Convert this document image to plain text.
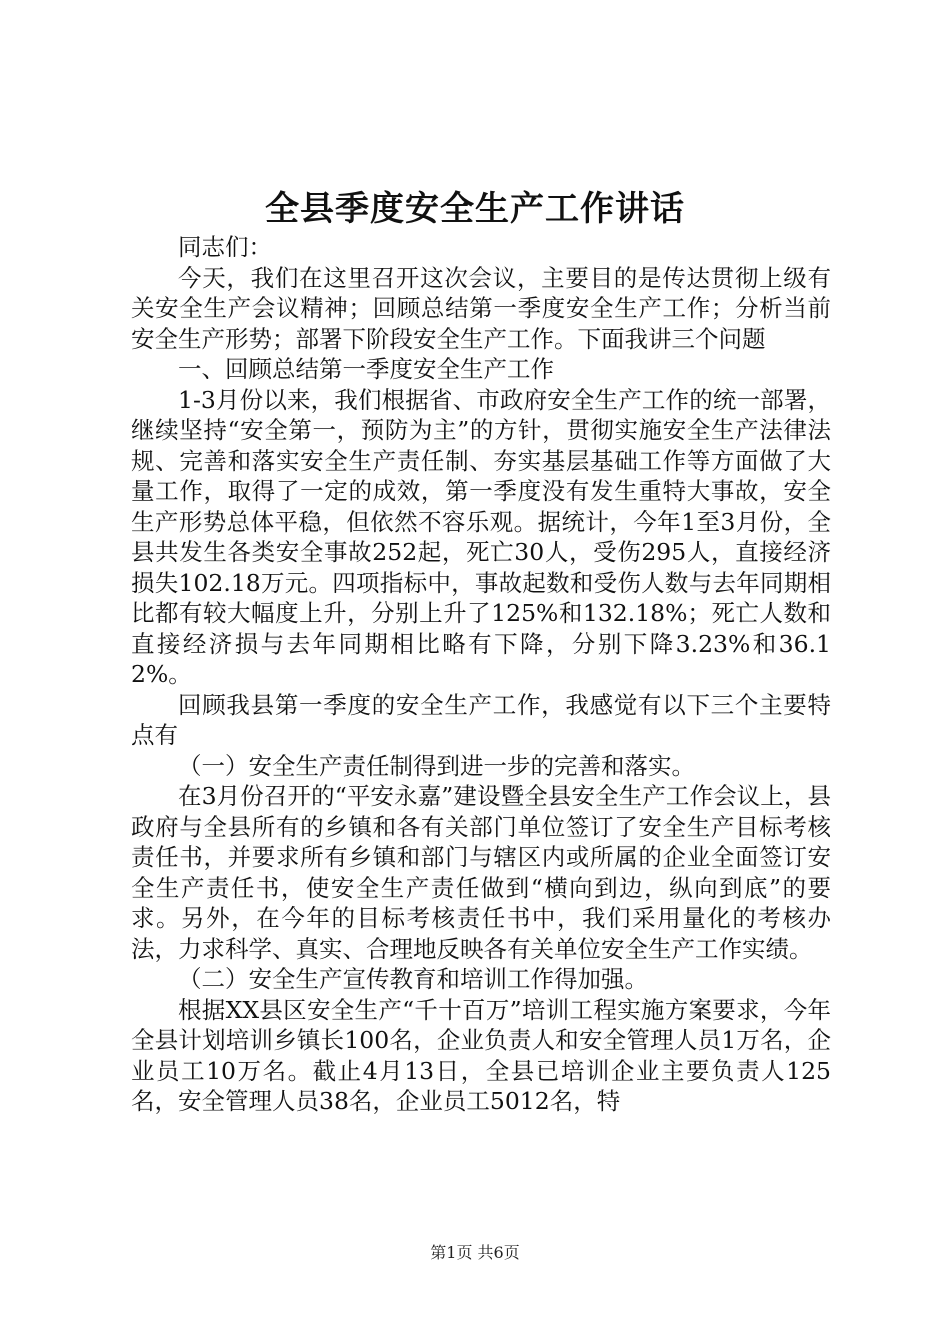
全县季度安全生产工作讲话

同志们：

今天，我们在这里召开这次会议，主要目的是传达贯彻上级有关安全生产会议精神；回顾总结第一季度安全生产工作；分析当前安全生产形势；部署下阶段安全生产工作。下面我讲三个问题

一、回顾总结第一季度安全生产工作

1-3月份以来，我们根据省、市政府安全生产工作的统一部署，继续坚持“安全第一，预防为主”的方针，贯彻实施安全生产法律法规、完善和落实安全生产责任制、夯实基层基础工作等方面做了大量工作，取得了一定的成效，第一季度没有发生重特大事故，安全生产形势总体平稳，但依然不容乐观。据统计，今年1至3月份，全县共发生各类安全事故252起，死亡30人，受伤295人，直接经济损失102.18万元。四项指标中，事故起数和受伤人数与去年同期相比都有较大幅度上升，分别上升了125%和132.18%；死亡人数和直接经济损与去年同期相比略有下降，分别下降3.23%和36.12%。

回顾我县第一季度的安全生产工作，我感觉有以下三个主要特点有

（一）安全生产责任制得到进一步的完善和落实。

在3月份召开的“平安永嘉”建设暨全县安全生产工作会议上，县政府与全县所有的乡镇和各有关部门单位签订了安全生产目标考核责任书，并要求所有乡镇和部门与辖区内或所属的企业全面签订安全生产责任书，使安全生产责任做到“横向到边，纵向到底”的要求。另外，在今年的目标考核责任书中，我们采用量化的考核办法，力求科学、真实、合理地反映各有关单位安全生产工作实绩。

（二）安全生产宣传教育和培训工作得加强。

根据XX县区安全生产“千十百万”培训工程实施方案要求，今年全县计划培训乡镇长100名，企业负责人和安全管理人员1万名，企业员工10万名。截止4月13日，全县已培训企业主要负责人125名，安全管理人员38名，企业员工5012名，特

第1页 共6页
